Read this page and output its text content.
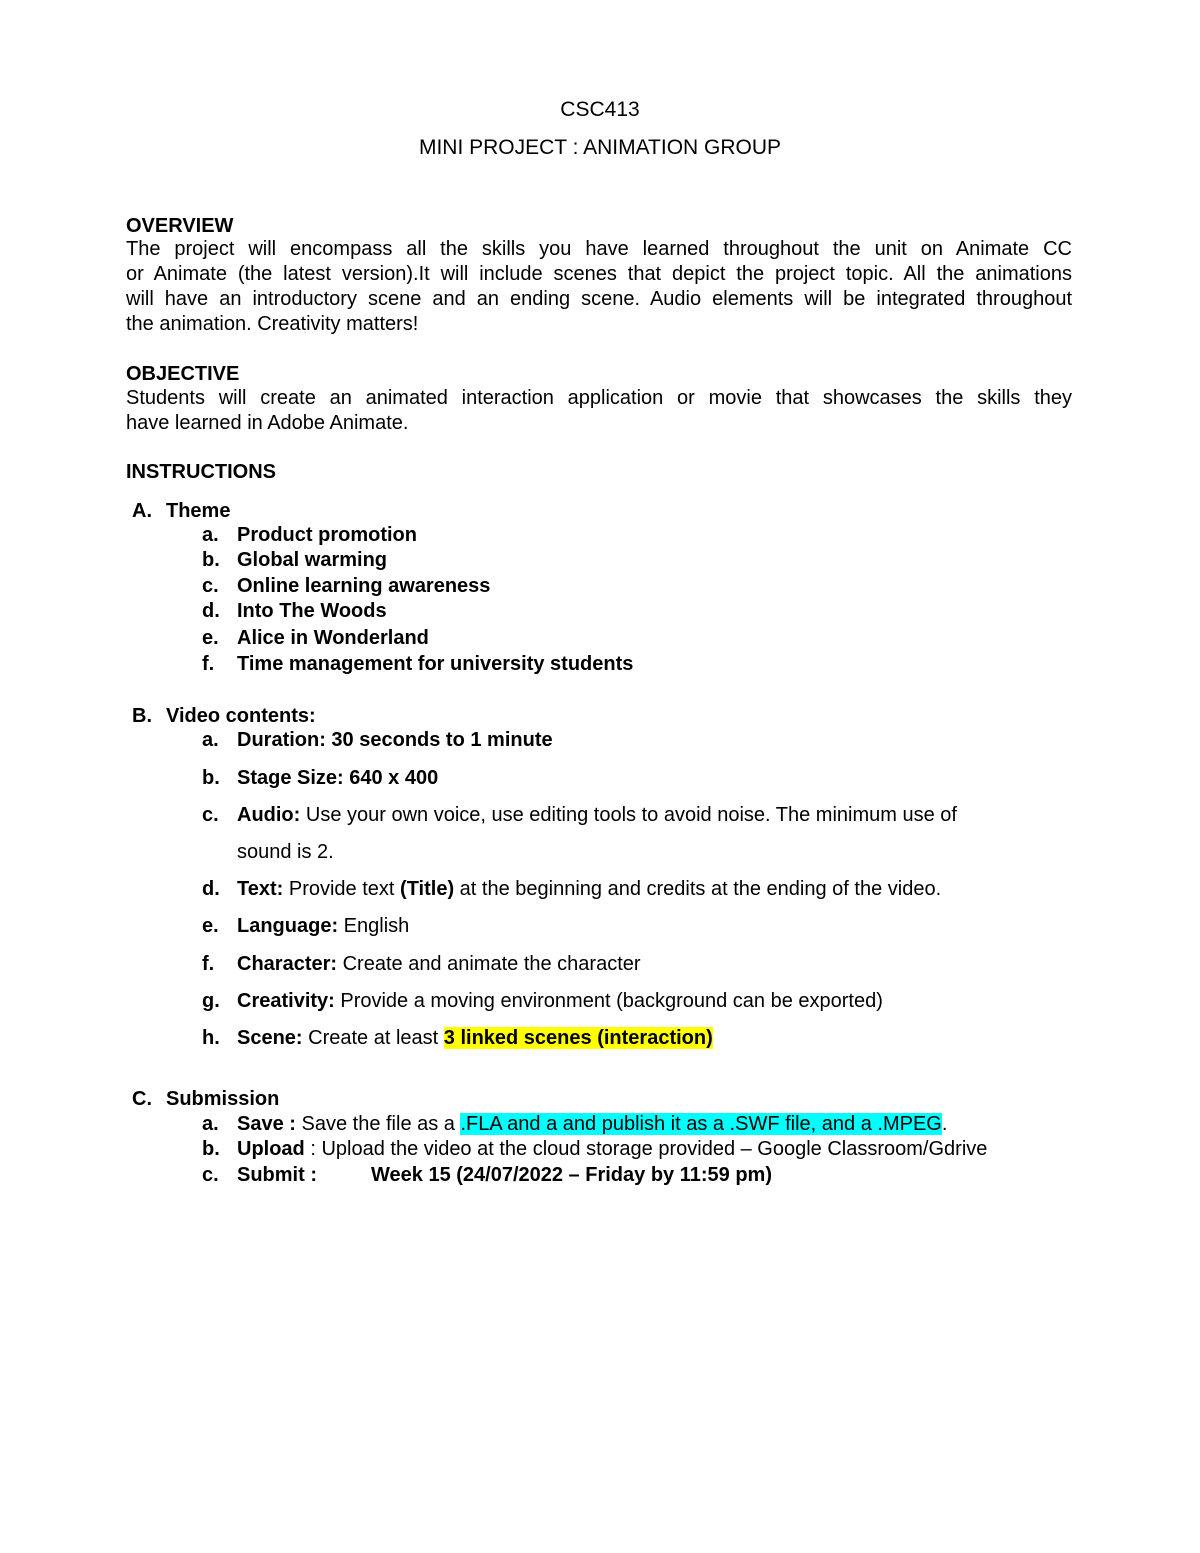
CSC413
MINI PROJECT : ANIMATION GROUP
OVERVIEW
The project will encompass all the skills you have learned throughout the unit on Animate CC
or Animate (the latest version).It will include scenes that depict the project topic. All the animations
will have an introductory scene and an ending scene. Audio elements will be integrated throughout
the animation. Creativity matters!
OBJECTIVE
Students will create an animated interaction application or movie that showcases the skills they
have learned in Adobe Animate.
INSTRUCTIONS
A. Theme
a. Product promotion
b. Global warming
c. Online learning awareness
d. Into The Woods
e. Alice in Wonderland
f. Time management for university students
B. Video contents:
a. Duration: 30 seconds to 1 minute
b. Stage Size: 640 x 400
c. Audio: Use your own voice, use editing tools to avoid noise. The minimum use of
sound is 2.
d. Text: Provide text (Title) at the beginning and credits at the ending of the video.
e. Language: English
f. Character: Create and animate the character
g. Creativity: Provide a moving environment (background can be exported)
h. Scene: Create at least 3 linked scenes (interaction)
C. Submission
a. Save : Save the file as a .FLA and a and publish it as a .SWF file, and a .MPEG.
b. Upload : Upload the video at the cloud storage provided – Google Classroom/Gdrive
c. Submit :	Week 15 (24/07/2022 – Friday by 11:59 pm)
